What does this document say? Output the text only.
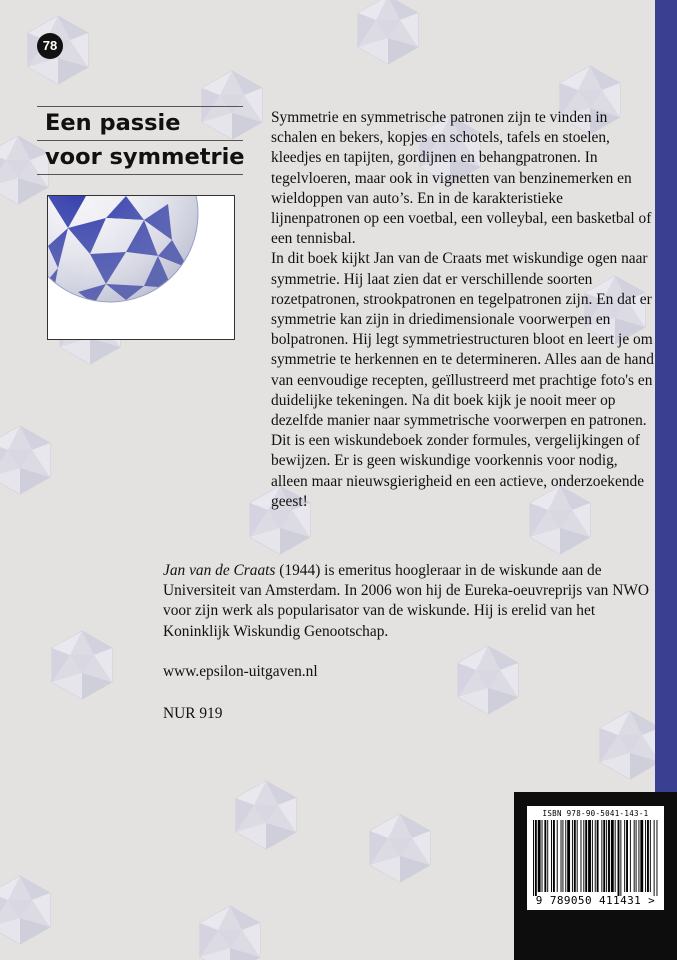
78
Een passie
voor symmetrie

Symmetrie en symmetrische patronen zijn te vinden in schalen en bekers, kopjes en schotels, tafels en stoelen, kleedjes en tapijten, gordijnen en behangpatronen. In tegelvloeren, maar ook in vignetten van benzinemerken en wieldoppen van auto’s. En in de karakteristieke lijnenpatronen op een voetbal, een volleybal, een basketbal of een tennisbal.
In dit boek kijkt Jan van de Craats met wiskundige ogen naar symmetrie. Hij laat zien dat er verschillende soorten rozetpatronen, strookpatronen en tegelpatronen zijn. En dat er symmetrie kan zijn in driedimensionale voorwerpen en bolpatronen. Hij legt symmetriestructuren bloot en leert je om symmetrie te herkennen en te determineren. Alles aan de hand van eenvoudige recepten, geïllustreerd met prachtige foto's en duidelijke tekeningen. Na dit boek kijk je nooit meer op dezelfde manier naar symmetrische voorwerpen en patronen.
Dit is een wiskundeboek zonder formules, vergelijkingen of bewijzen. Er is geen wiskundige voorkennis voor nodig, alleen maar nieuwsgierigheid en een actieve, onderzoekende geest!

Jan van de Craats (1944) is emeritus hoogleraar in de wiskunde aan de Universiteit van Amsterdam. In 2006 won hij de Eureka-oeuvreprijs van NWO voor zijn werk als popularisator van de wiskunde. Hij is erelid van het Koninklijk Wiskundig Genootschap.

www.epsilon-uitgaven.nl

NUR 919

ISBN 978-90-5041-143-1
9 789050 411431 >
